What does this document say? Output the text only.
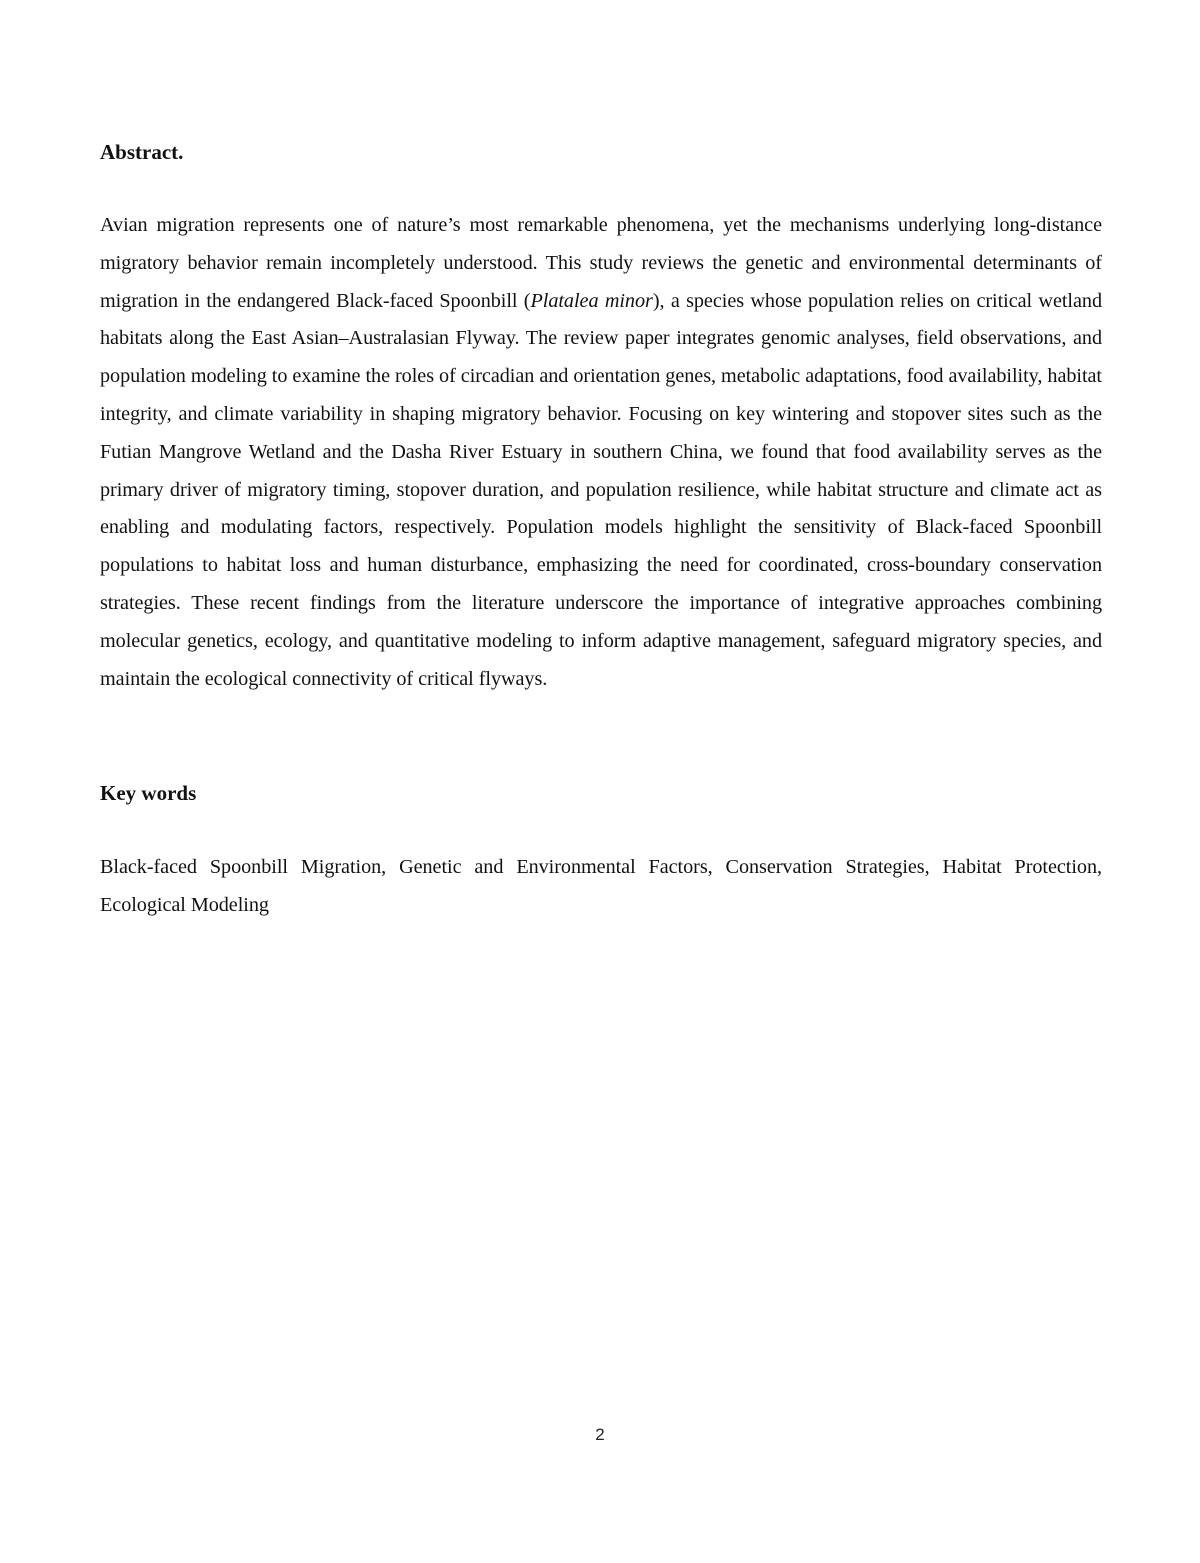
Abstract.

Avian migration represents one of nature’s most remarkable phenomena, yet the mechanisms underlying long-distance migratory behavior remain incompletely understood. This study reviews the genetic and environmental determinants of migration in the endangered Black-faced Spoonbill (Platalea minor), a species whose population relies on critical wetland habitats along the East Asian–Australasian Flyway. The review paper integrates genomic analyses, field observations, and population modeling to examine the roles of circadian and orientation genes, metabolic adaptations, food availability, habitat integrity, and climate variability in shaping migratory behavior. Focusing on key wintering and stopover sites such as the Futian Mangrove Wetland and the Dasha River Estuary in southern China, we found that food availability serves as the primary driver of migratory timing, stopover duration, and population resilience, while habitat structure and climate act as enabling and modulating factors, respectively. Population models highlight the sensitivity of Black-faced Spoonbill populations to habitat loss and human disturbance, emphasizing the need for coordinated, cross-boundary conservation strategies. These recent findings from the literature underscore the importance of integrative approaches combining molecular genetics, ecology, and quantitative modeling to inform adaptive management, safeguard migratory species, and maintain the ecological connectivity of critical flyways.

Key words

Black-faced Spoonbill Migration, Genetic and Environmental Factors, Conservation Strategies, Habitat Protection, Ecological Modeling

2
